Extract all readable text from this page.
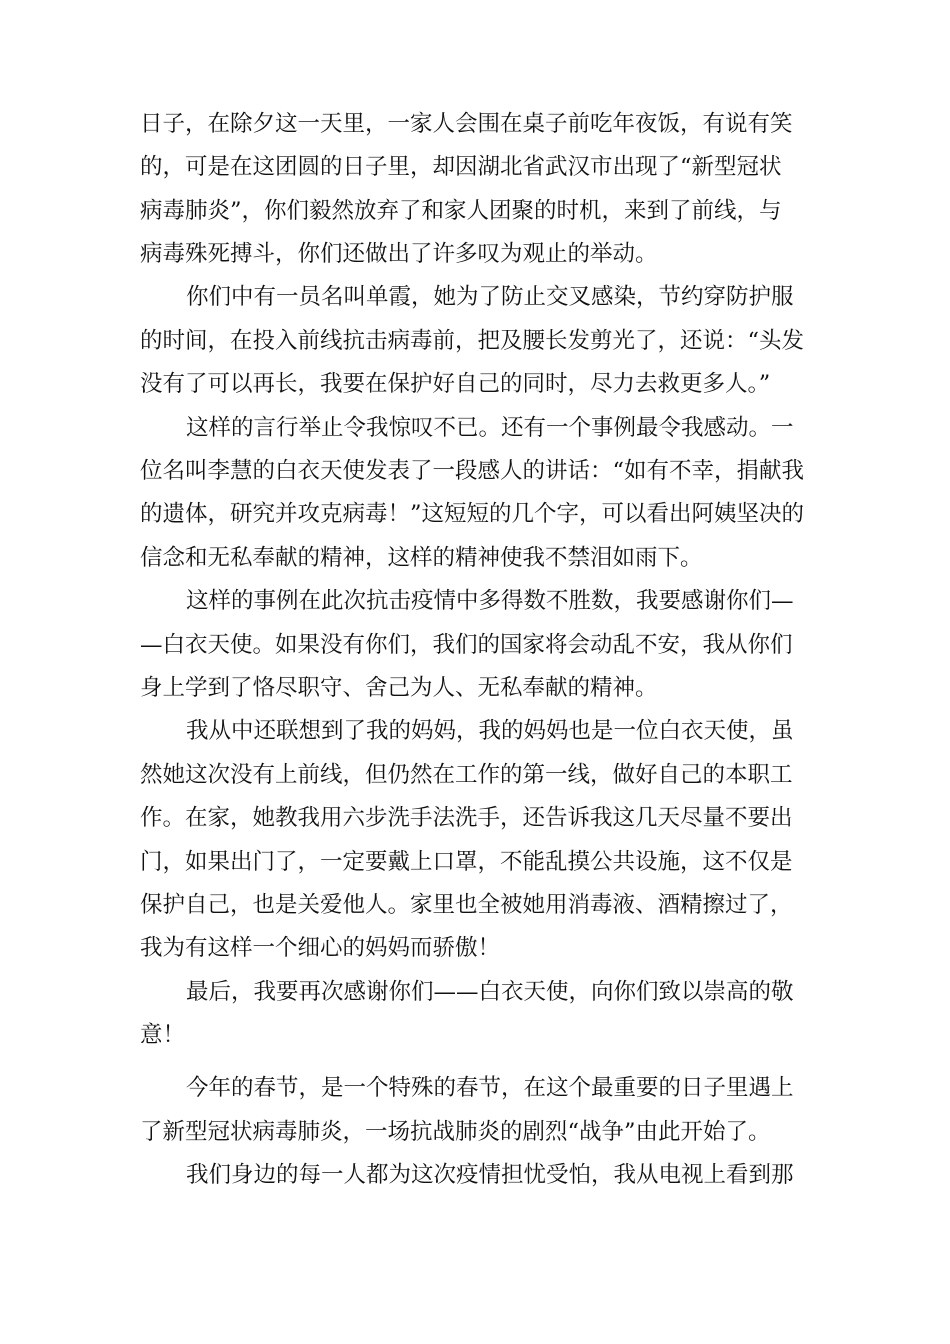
日子，在除夕这一天里，一家人会围在桌子前吃年夜饭，有说有笑
的，可是在这团圆的日子里，却因湖北省武汉市出现了“新型冠状
病毒肺炎”，你们毅然放弃了和家人团聚的时机，来到了前线，与
病毒殊死搏斗，你们还做出了许多叹为观止的举动。
你们中有一员名叫单霞，她为了防止交叉感染，节约穿防护服
的时间，在投入前线抗击病毒前，把及腰长发剪光了，还说：“头发
没有了可以再长，我要在保护好自己的同时，尽力去救更多人。”
这样的言行举止令我惊叹不已。还有一个事例最令我感动。一
位名叫李慧的白衣天使发表了一段感人的讲话：“如有不幸，捐献我
的遗体，研究并攻克病毒！”这短短的几个字，可以看出阿姨坚决的
信念和无私奉献的精神，这样的精神使我不禁泪如雨下。
这样的事例在此次抗击疫情中多得数不胜数，我要感谢你们—
—白衣天使。如果没有你们，我们的国家将会动乱不安，我从你们
身上学到了恪尽职守、舍己为人、无私奉献的精神。
我从中还联想到了我的妈妈，我的妈妈也是一位白衣天使，虽
然她这次没有上前线，但仍然在工作的第一线，做好自己的本职工
作。在家，她教我用六步洗手法洗手，还告诉我这几天尽量不要出
门，如果出门了，一定要戴上口罩，不能乱摸公共设施，这不仅是
保护自己，也是关爱他人。家里也全被她用消毒液、酒精擦过了，
我为有这样一个细心的妈妈而骄傲！
最后，我要再次感谢你们——白衣天使，向你们致以崇高的敬
意！
今年的春节，是一个特殊的春节，在这个最重要的日子里遇上
了新型冠状病毒肺炎，一场抗战肺炎的剧烈“战争”由此开始了。
我们身边的每一人都为这次疫情担忧受怕，我从电视上看到那
